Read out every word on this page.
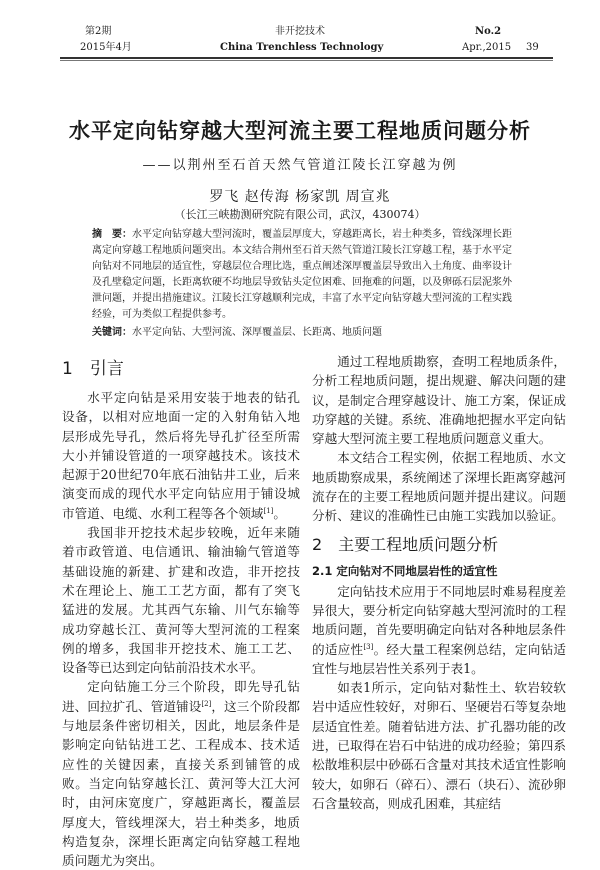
第2期
2015年4月
非开挖技术
China Trenchless Technology
No.2
Apr.,2015 39
水平定向钻穿越大型河流主要工程地质问题分析
——以荆州至石首天然气管道江陵长江穿越为例
罗飞 赵传海 杨家凯 周宣兆
（长江三峡勘测研究院有限公司，武汉，430074）
摘　要：水平定向钻穿越大型河流时，覆盖层厚度大，穿越距离长，岩土种类多，管线深埋长距离定向穿越工程地质问题突出。本文结合荆州至石首天然气管道江陵长江穿越工程，基于水平定向钻对不同地层的适宜性，穿越层位合理比选，重点阐述深厚覆盖层导致出入土角度、曲率设计及孔壁稳定问题，长距离软硬不均地层导致钻头定位困难、回拖难的问题，以及卵砾石层泥浆外泄问题，并提出措施建议。江陵长江穿越顺利完成，丰富了水平定向钻穿越大型河流的工程实践经验，可为类似工程提供参考。
关键词：水平定向钻、大型河流、深厚覆盖层、长距离、地质问题
1　引言

水平定向钻是采用安装于地表的钻孔设备，以相对应地面一定的入射角钻入地层形成先导孔，然后将先导孔扩径至所需大小并铺设管道的一项穿越技术。该技术起源于20世纪70年底石油钻井工业，后来演变而成的现代水平定向钻应用于铺设城市管道、电缆、水利工程等各个领域[1]。

我国非开挖技术起步较晚，近年来随着市政管道、电信通讯、输油输气管道等基础设施的新建、扩建和改造，非开挖技术在理论上、施工工艺方面，都有了突飞猛进的发展。尤其西气东输、川气东输等成功穿越长江、黄河等大型河流的工程案例的增多，我国非开挖技术、施工工艺、设备等已达到定向钻前沿技术水平。

定向钻施工分三个阶段，即先导孔钻进、回拉扩孔、管道铺设[2]，这三个阶段都与地层条件密切相关，因此，地层条件是影响定向钻钻进工艺、工程成本、技术适应性的关键因素，直接关系到铺管的成败。当定向钻穿越长江、黄河等大江大河时，由河床宽度广，穿越距离长，覆盖层厚度大，管线埋深大，岩土种类多，地质构造复杂，深埋长距离定向钻穿越工程地质问题尤为突出。

通过工程地质勘察，查明工程地质条件，分析工程地质问题，提出规避、解决问题的建议，是制定合理穿越设计、施工方案，保证成功穿越的关键。系统、准确地把握水平定向钻穿越大型河流主要工程地质问题意义重大。

本文结合工程实例，依据工程地质、水文地质勘察成果，系统阐述了深埋长距离穿越河流存在的主要工程地质问题并提出建议。问题分析、建议的准确性已由施工实践加以验证。

2　主要工程地质问题分析
2.1 定向钻对不同地层岩性的适宜性

定向钻技术应用于不同地层时难易程度差异很大，要分析定向钻穿越大型河流时的工程地质问题，首先要明确定向钻对各种地层条件的适应性[3]。经大量工程案例总结，定向钻适宜性与地层岩性关系列于表1。

如表1所示，定向钻对黏性土、软岩较软岩中适应性较好，对卵石、坚硬岩石等复杂地层适宜性差。随着钻进方法、扩孔器功能的改进，已取得在岩石中钻进的成功经验；第四系松散堆积层中砂砾石含量对其技术适宜性影响较大，如卵石（碎石）、漂石（块石）、流砂卵石含量较高，则成孔困难，其症结
